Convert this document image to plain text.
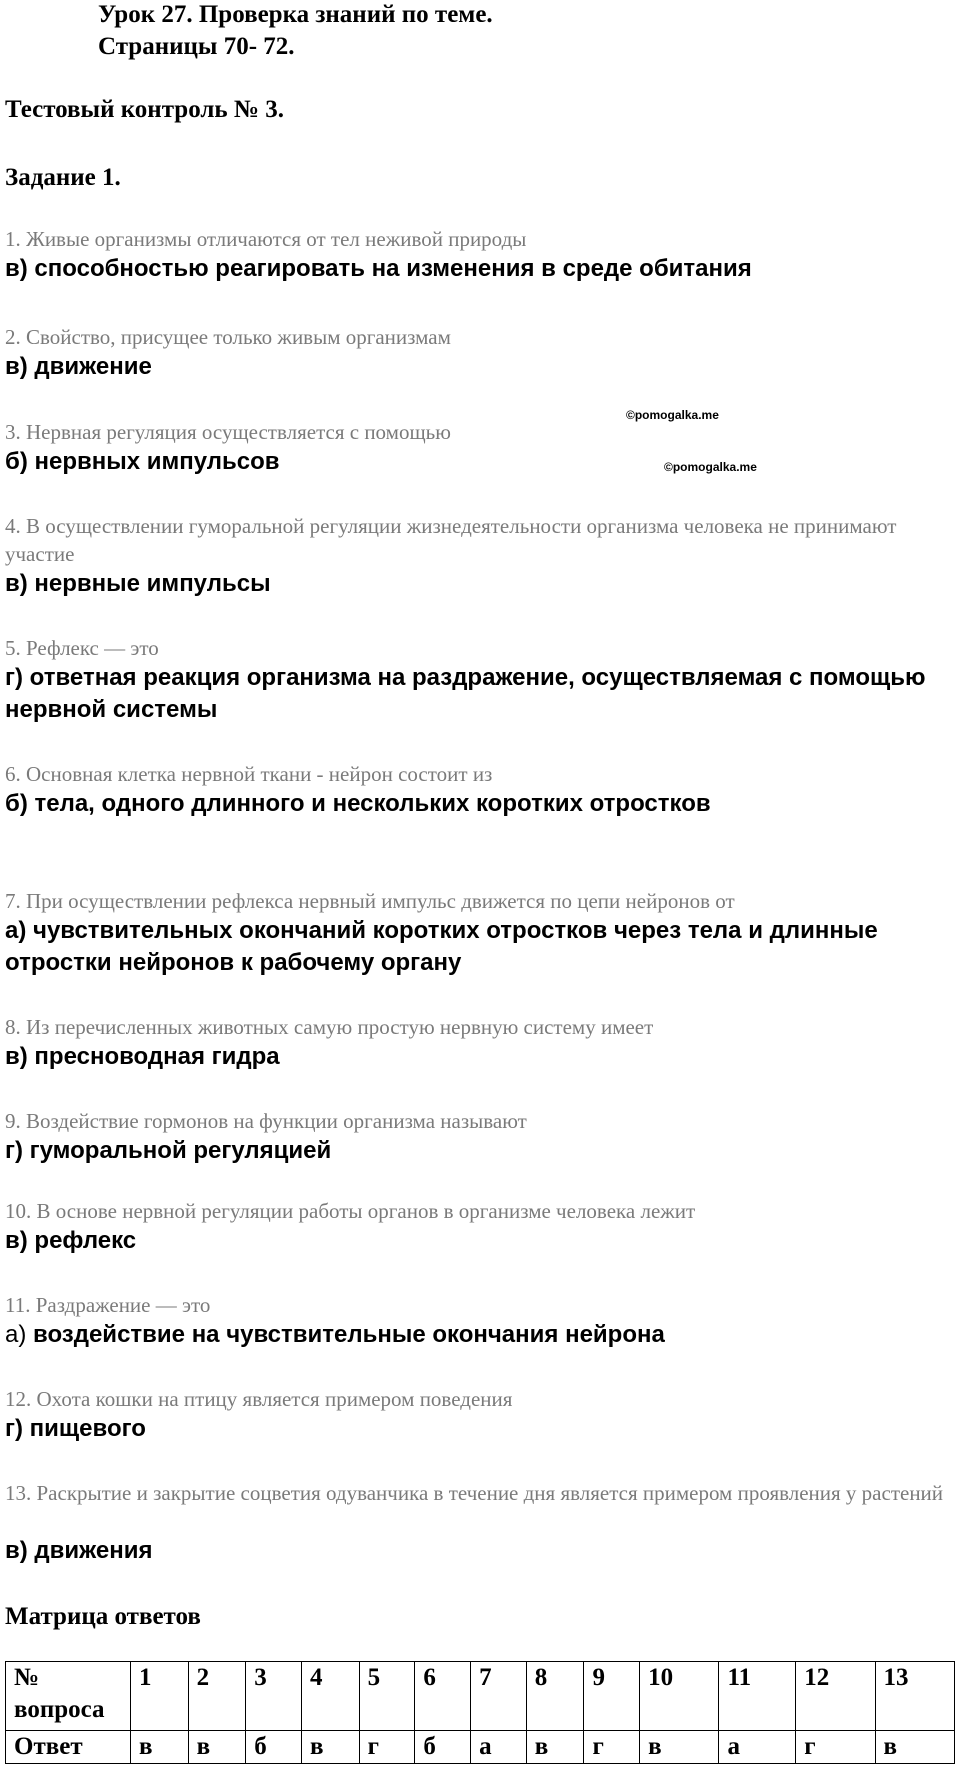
Урок 27. Проверка знаний по теме.
Страницы 70- 72.
Тестовый контроль № 3.
Задание 1.
1. Живые организмы отличаются от тел неживой природы
в) способностью реагировать на изменения в среде обитания
2. Свойство, присущее только живым организмам
в) движение
©pomogalka.me
3. Нервная регуляция осуществляется с помощью
б) нервных импульсов	©pomogalka.me
4. В осуществлении гуморальной регуляции жизнедеятельности организма человека не принимают участие
в) нервные импульсы
5. Рефлекс — это
г) ответная реакция организма на раздражение, осуществляемая с помощью нервной системы
6. Основная клетка нервной ткани - нейрон состоит из
б) тела, одного длинного и нескольких коротких отростков
7. При осуществлении рефлекса нервный импульс движется по цепи нейронов от
а) чувствительных окончаний коротких отростков через тела и длинные отростки нейронов к рабочему органу
8. Из перечисленных животных самую простую нервную систему имеет
в) пресноводная гидра
9. Воздействие гормонов на функции организма называют
г) гуморальной регуляцией
10. В основе нервной регуляции работы органов в организме человека лежит
в) рефлекс
11. Раздражение — это
а) воздействие на чувствительные окончания нейрона
12. Охота кошки на птицу является примером поведения
г) пищевого
13. Раскрытие и закрытие соцветия одуванчика в течение дня является примером проявления у растений
в) движения
Матрица ответов
№ вопроса	1	2	3	4	5	6	7	8	9	10	11	12	13
Ответ	в	в	б	в	г	б	а	в	г	в	а	г	в
